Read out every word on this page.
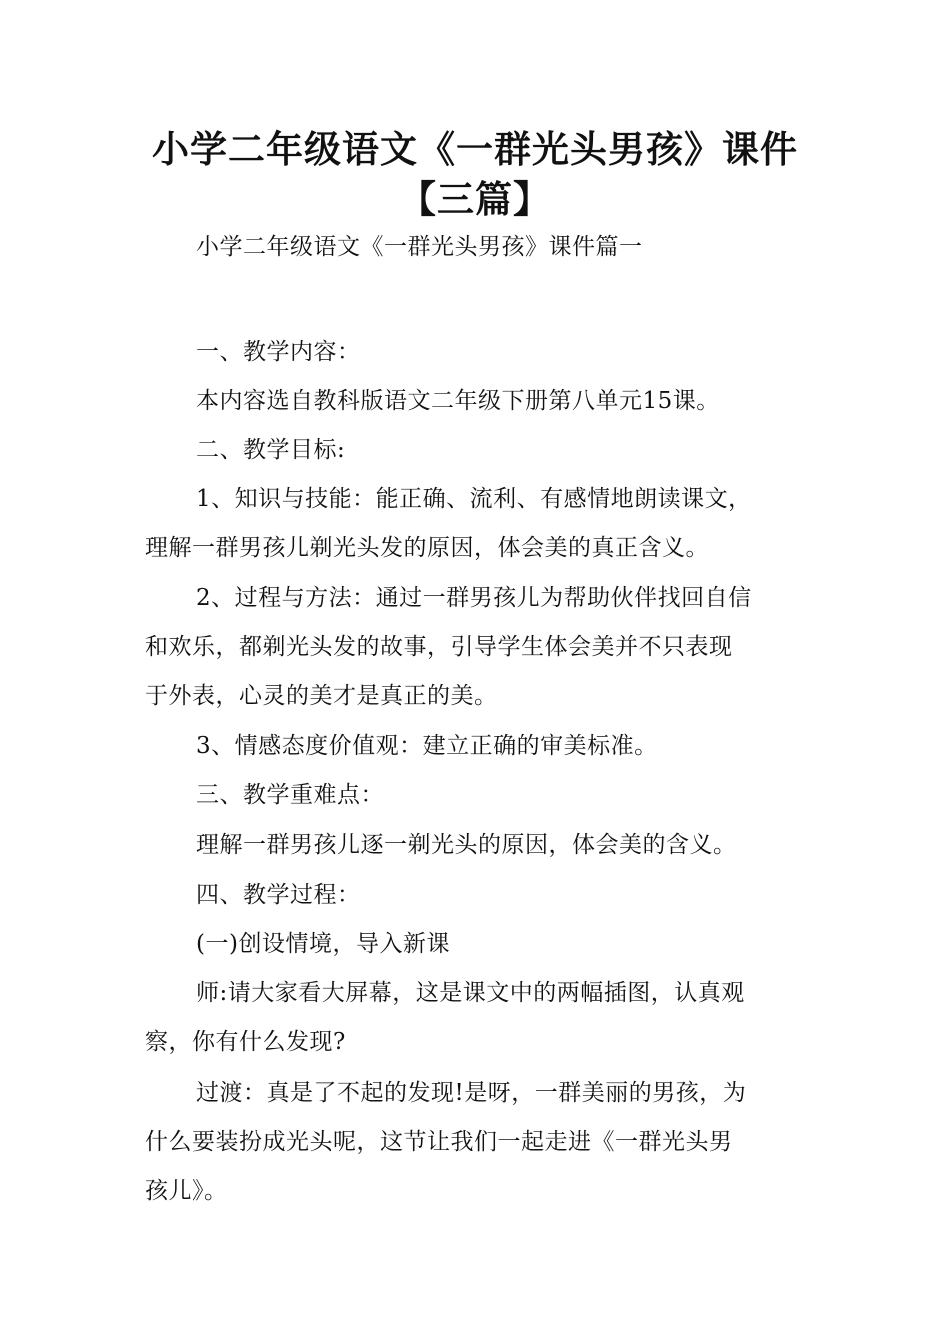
小学二年级语文《一群光头男孩》课件
【三篇】
小学二年级语文《一群光头男孩》课件篇一
一、教学内容：
本内容选自教科版语文二年级下册第八单元15课。
二、教学目标:
1、知识与技能：能正确、流利、有感情地朗读课文，
理解一群男孩儿剃光头发的原因，体会美的真正含义。
2、过程与方法：通过一群男孩儿为帮助伙伴找回自信
和欢乐，都剃光头发的故事，引导学生体会美并不只表现
于外表，心灵的美才是真正的美。
3、情感态度价值观：建立正确的审美标准。
三、教学重难点：
理解一群男孩儿逐一剃光头的原因，体会美的含义。
四、教学过程：
(一)创设情境，导入新课
师:请大家看大屏幕，这是课文中的两幅插图，认真观
察，你有什么发现?
过渡：真是了不起的发现!是呀，一群美丽的男孩，为
什么要装扮成光头呢，这节让我们一起走进《一群光头男
孩儿》。
